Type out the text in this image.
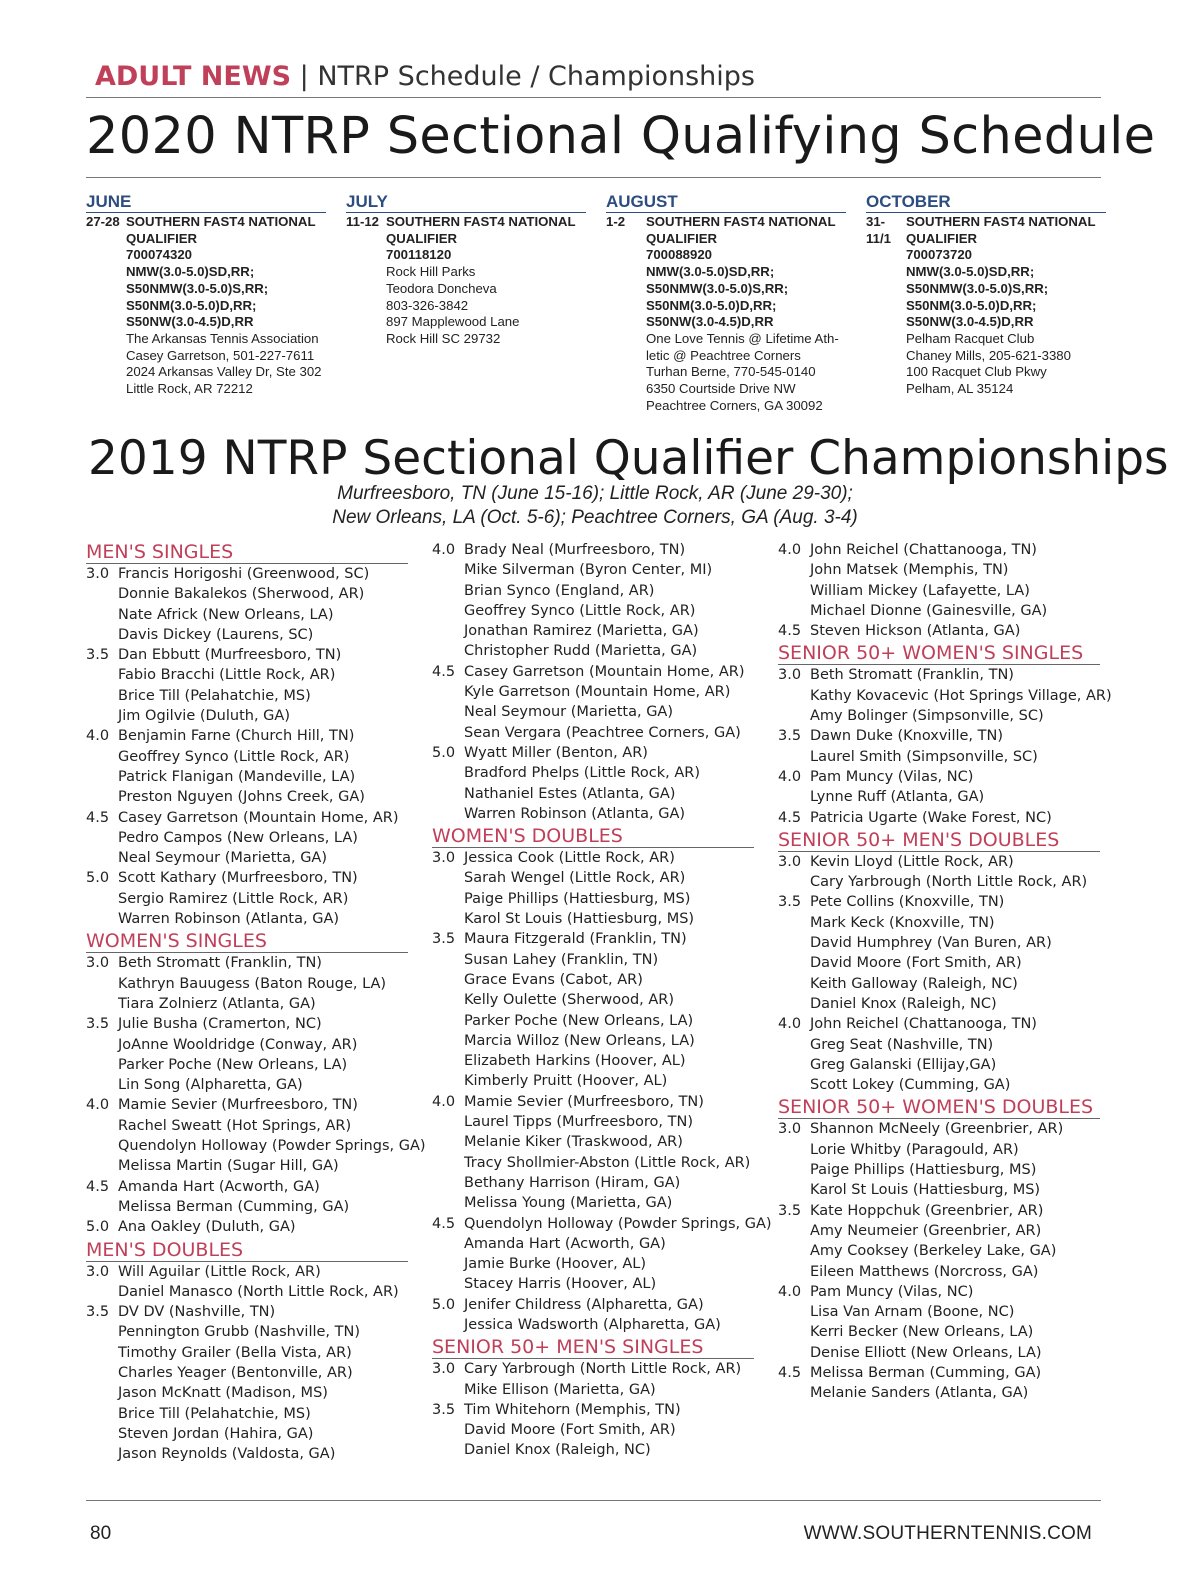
ADULT NEWS | NTRP Schedule / Championships
2020 NTRP Sectional Qualifying Schedule
JUNE
27-28 SOUTHERN FAST4 NATIONAL
QUALIFIER
700074320
NMW(3.0-5.0)SD,RR;
S50NMW(3.0-5.0)S,RR;
S50NM(3.0-5.0)D,RR;
S50NW(3.0-4.5)D,RR
The Arkansas Tennis Association
Casey Garretson, 501-227-7611
2024 Arkansas Valley Dr, Ste 302
Little Rock, AR 72212
JULY
11-12 SOUTHERN FAST4 NATIONAL
QUALIFIER
700118120
Rock Hill Parks
Teodora Doncheva
803-326-3842
897 Mapplewood Lane
Rock Hill SC 29732
AUGUST
1-2	SOUTHERN FAST4 NATIONAL
QUALIFIER
700088920
NMW(3.0-5.0)SD,RR;
S50NMW(3.0-5.0)S,RR;
S50NM(3.0-5.0)D,RR;
S50NW(3.0-4.5)D,RR
One Love Tennis @ Lifetime Ath-
letic @ Peachtree Corners
Turhan Berne, 770-545-0140
6350 Courtside Drive NW
Peachtree Corners, GA 30092
OCTOBER
31-11/1
SOUTHERN FAST4 NATIONAL
QUALIFIER
700073720
NMW(3.0-5.0)SD,RR;
S50NMW(3.0-5.0)S,RR;
S50NM(3.0-5.0)D,RR;
S50NW(3.0-4.5)D,RR
Pelham Racquet Club
Chaney Mills, 205-621-3380
100 Racquet Club Pkwy
Pelham, AL 35124
2019 NTRP Sectional Qualifier Championships
Murfreesboro, TN (June 15-16); Little Rock, AR (June 29-30);
New Orleans, LA (Oct. 5-6); Peachtree Corners, GA (Aug. 3-4)
MEN'S SINGLES
3.0 Francis Horigoshi (Greenwood, SC)
Donnie Bakalekos (Sherwood, AR)
Nate Africk (New Orleans, LA)
Davis Dickey (Laurens, SC)
3.5 Dan Ebbutt (Murfreesboro, TN)
Fabio Bracchi (Little Rock, AR)
Brice Till (Pelahatchie, MS)
Jim Ogilvie (Duluth, GA)
4.0 Benjamin Farne (Church Hill, TN)
Geoffrey Synco (Little Rock, AR)
Patrick Flanigan (Mandeville, LA)
Preston Nguyen (Johns Creek, GA)
4.5 Casey Garretson (Mountain Home, AR)
Pedro Campos (New Orleans, LA)
Neal Seymour (Marietta, GA)
5.0 Scott Kathary (Murfreesboro, TN)
Sergio Ramirez (Little Rock, AR)
Warren Robinson (Atlanta, GA)
WOMEN'S SINGLES
3.0 Beth Stromatt (Franklin, TN)
Kathryn Bauugess (Baton Rouge, LA)
Tiara Zolnierz (Atlanta, GA)
3.5 Julie Busha (Cramerton, NC)
JoAnne Wooldridge (Conway, AR)
Parker Poche (New Orleans, LA)
Lin Song (Alpharetta, GA)
4.0 Mamie Sevier (Murfreesboro, TN)
Rachel Sweatt (Hot Springs, AR)
Quendolyn Holloway (Powder Springs, GA)
Melissa Martin (Sugar Hill, GA)
4.5 Amanda Hart (Acworth, GA)
Melissa Berman (Cumming, GA)
5.0 Ana Oakley (Duluth, GA)
MEN'S DOUBLES
3.0 Will Aguilar (Little Rock, AR)
Daniel Manasco (North Little Rock, AR)
3.5 DV DV (Nashville, TN)
Pennington Grubb (Nashville, TN)
Timothy Grailer (Bella Vista, AR)
Charles Yeager (Bentonville, AR)
Jason McKnatt (Madison, MS)
Brice Till (Pelahatchie, MS)
Steven Jordan (Hahira, GA)
Jason Reynolds (Valdosta, GA)
4.0 Brady Neal (Murfreesboro, TN)
Mike Silverman (Byron Center, MI)
Brian Synco (England, AR)
Geoffrey Synco (Little Rock, AR)
Jonathan Ramirez (Marietta, GA)
Christopher Rudd (Marietta, GA)
4.5 Casey Garretson (Mountain Home, AR)
Kyle Garretson (Mountain Home, AR)
Neal Seymour (Marietta, GA)
Sean Vergara (Peachtree Corners, GA)
5.0 Wyatt Miller (Benton, AR)
Bradford Phelps (Little Rock, AR)
Nathaniel Estes (Atlanta, GA)
Warren Robinson (Atlanta, GA)
WOMEN'S DOUBLES
3.0 Jessica Cook (Little Rock, AR)
Sarah Wengel (Little Rock, AR)
Paige Phillips (Hattiesburg, MS)
Karol St Louis (Hattiesburg, MS)
3.5 Maura Fitzgerald (Franklin, TN)
Susan Lahey (Franklin, TN)
Grace Evans (Cabot, AR)
Kelly Oulette (Sherwood, AR)
Parker Poche (New Orleans, LA)
Marcia Willoz (New Orleans, LA)
Elizabeth Harkins (Hoover, AL)
Kimberly Pruitt (Hoover, AL)
4.0 Mamie Sevier (Murfreesboro, TN)
Laurel Tipps (Murfreesboro, TN)
Melanie Kiker (Traskwood, AR)
Tracy Shollmier-Abston (Little Rock, AR)
Bethany Harrison (Hiram, GA)
Melissa Young (Marietta, GA)
4.5 Quendolyn Holloway (Powder Springs, GA)
Amanda Hart (Acworth, GA)
Jamie Burke (Hoover, AL)
Stacey Harris (Hoover, AL)
5.0 Jenifer Childress (Alpharetta, GA)
Jessica Wadsworth (Alpharetta, GA)
SENIOR 50+ MEN'S SINGLES
3.0 Cary Yarbrough (North Little Rock, AR)
Mike Ellison (Marietta, GA)
3.5 Tim Whitehorn (Memphis, TN)
David Moore (Fort Smith, AR)
Daniel Knox (Raleigh, NC)
4.0 John Reichel (Chattanooga, TN)
John Matsek (Memphis, TN)
William Mickey (Lafayette, LA)
Michael Dionne (Gainesville, GA)
4.5 Steven Hickson (Atlanta, GA)
SENIOR 50+ WOMEN'S SINGLES
3.0 Beth Stromatt (Franklin, TN)
Kathy Kovacevic (Hot Springs Village, AR)
Amy Bolinger (Simpsonville, SC)
3.5 Dawn Duke (Knoxville, TN)
Laurel Smith (Simpsonville, SC)
4.0 Pam Muncy (Vilas, NC)
Lynne Ruff (Atlanta, GA)
4.5 Patricia Ugarte (Wake Forest, NC)
SENIOR 50+ MEN'S DOUBLES
3.0 Kevin Lloyd (Little Rock, AR)
Cary Yarbrough (North Little Rock, AR)
3.5 Pete Collins (Knoxville, TN)
Mark Keck (Knoxville, TN)
David Humphrey (Van Buren, AR)
David Moore (Fort Smith, AR)
Keith Galloway (Raleigh, NC)
Daniel Knox (Raleigh, NC)
4.0 John Reichel (Chattanooga, TN)
Greg Seat (Nashville, TN)
Greg Galanski (Ellijay,GA)
Scott Lokey (Cumming, GA)
SENIOR 50+ WOMEN'S DOUBLES
3.0 Shannon McNeely (Greenbrier, AR)
Lorie Whitby (Paragould, AR)
Paige Phillips (Hattiesburg, MS)
Karol St Louis (Hattiesburg, MS)
3.5 Kate Hoppchuk (Greenbrier, AR)
Amy Neumeier (Greenbrier, AR)
Amy Cooksey (Berkeley Lake, GA)
Eileen Matthews (Norcross, GA)
4.0 Pam Muncy (Vilas, NC)
Lisa Van Arnam (Boone, NC)
Kerri Becker (New Orleans, LA)
Denise Elliott (New Orleans, LA)
4.5 Melissa Berman (Cumming, GA)
Melanie Sanders (Atlanta, GA)
80	WWW.SOUTHERNTENNIS.COM
